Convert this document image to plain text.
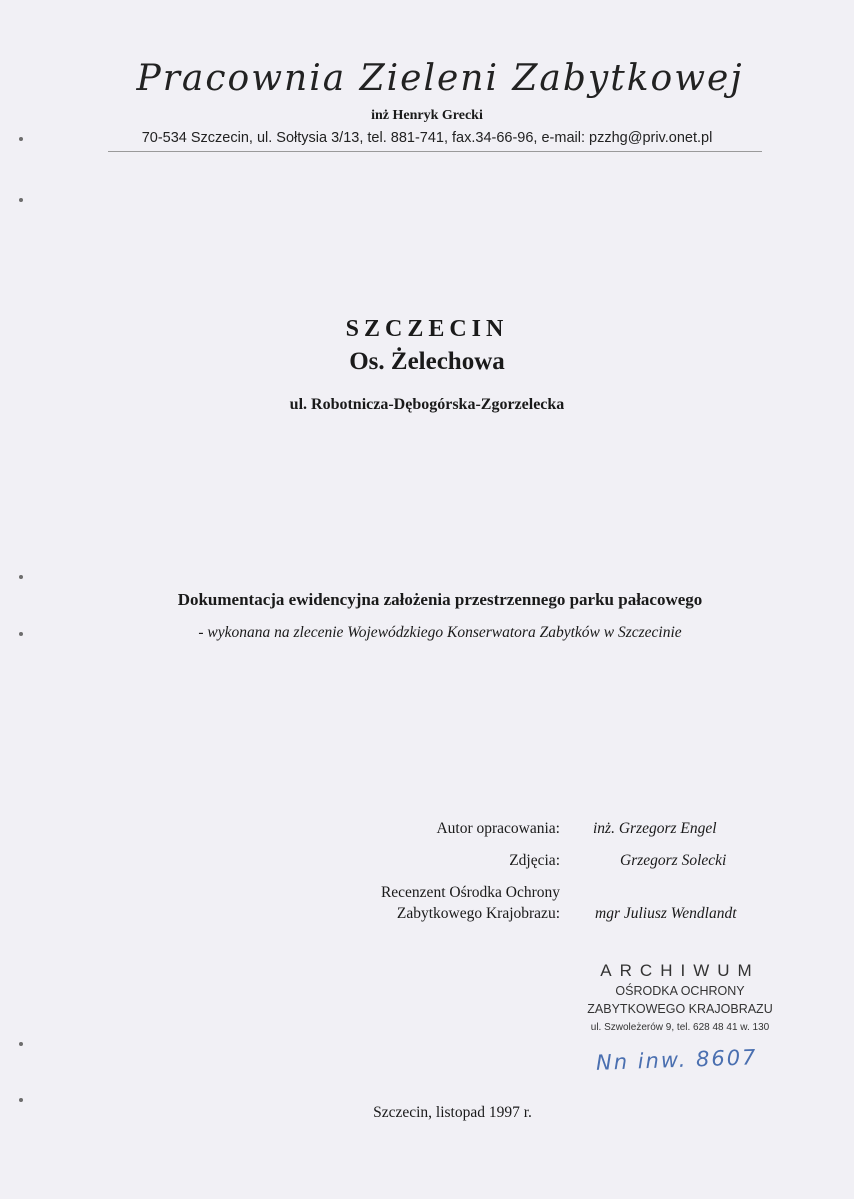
Pracownia Zieleni Zabytkowej
inż Henryk Grecki
70-534 Szczecin, ul. Sołtysia 3/13, tel. 881-741, fax.34-66-96, e-mail: pzzhg@priv.onet.pl
SZCZECIN
Os. Żelechowa
ul. Robotnicza-Dębogórska-Zgorzelecka
Dokumentacja ewidencyjna założenia przestrzennego parku pałacowego
- wykonana na zlecenie Wojewódzkiego Konserwatora Zabytków w Szczecinie
Autor opracowania: inż. Grzegorz Engel
Zdjęcia:	Grzegorz Solecki
Recenzent Ośrodka Ochrony
Zabytkowego Krajobrazu: mgr Juliusz Wendlandt
ARCHIWUM
OŚRODKA OCHRONY
ZABYTKOWEGO KRAJOBRAZU
ul. Szwoleżerów 9, tel. 628 48 41 w. 130
Nn inw. 8607
Szczecin, listopad 1997 r.
